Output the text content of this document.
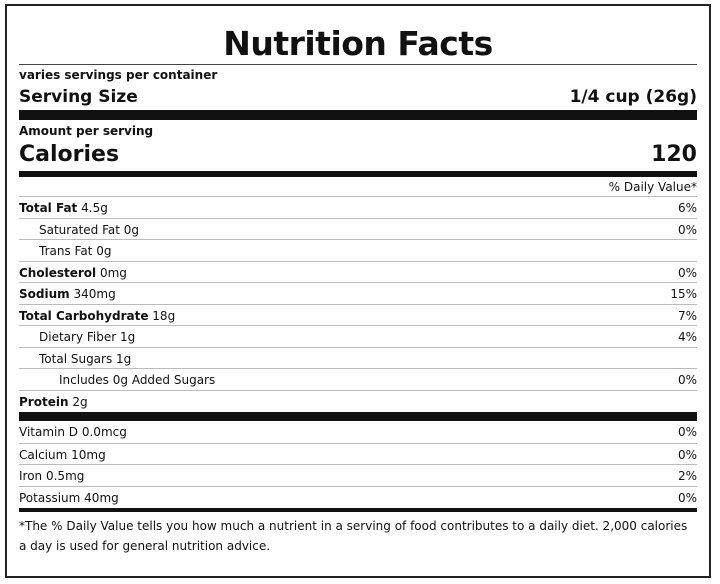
Nutrition Facts
varies servings per container
Serving Size	1/4 cup (26g)
Amount per serving
Calories	120
% Daily Value*
Total Fat 4.5g	6%
Saturated Fat 0g	0%
Trans Fat 0g
Cholesterol 0mg	0%
Sodium 340mg	15%
Total Carbohydrate 18g	7%
Dietary Fiber 1g	4%
Total Sugars 1g
Includes 0g Added Sugars	0%
Protein 2g
Vitamin D 0.0mcg	0%
Calcium 10mg	0%
Iron 0.5mg	2%
Potassium 40mg	0%
*The % Daily Value tells you how much a nutrient in a serving of food contributes to a daily diet. 2,000 calories a day is used for general nutrition advice.
